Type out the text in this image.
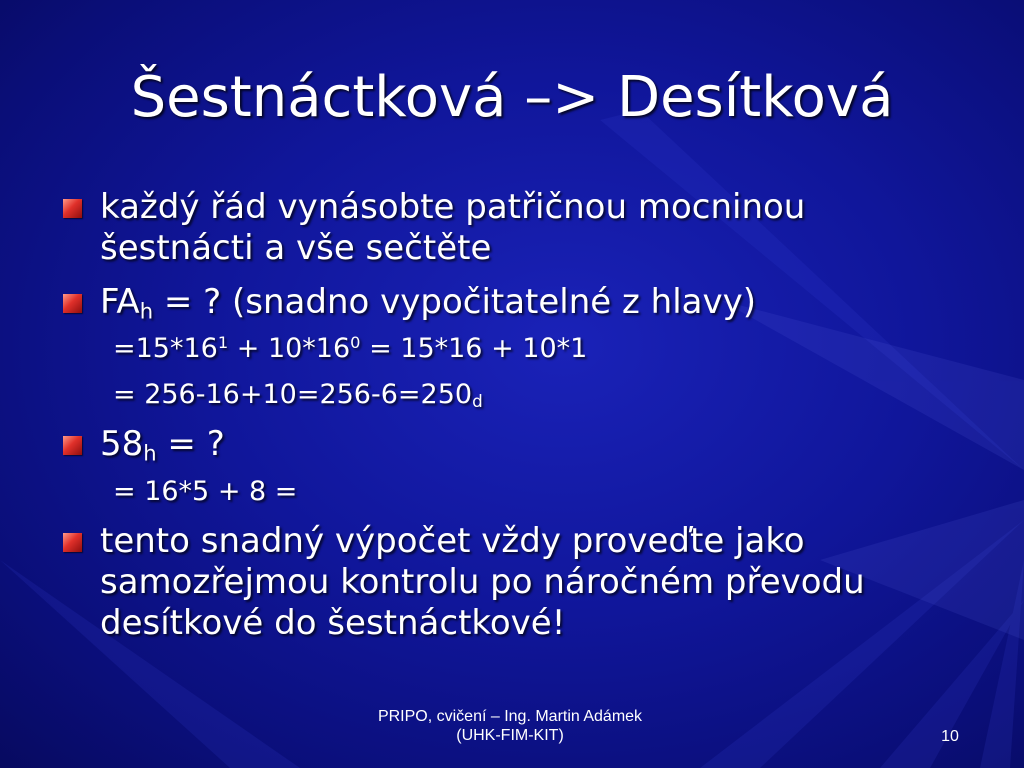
Šestnáctková –> Desítková
každý řád vynásobte patřičnou mocninou šestnácti a vše sečtěte
$FA_h$ = ? (snadno vypočitatelné z hlavy)
$=15*16^1 + 10*16^0 = 15*16 + 10*1$
= $256-16+10=256-6=250_d$
$58_h$ = ?
= 16*5 + 8 =
tento snadný výpočet vždy proveďte jako samozřejmou kontrolu po náročném převodu desítkové do šestnáctkové!
PRIPO, cvičení – Ing. Martin Adámek
(UHK-FIM-KIT)	10
